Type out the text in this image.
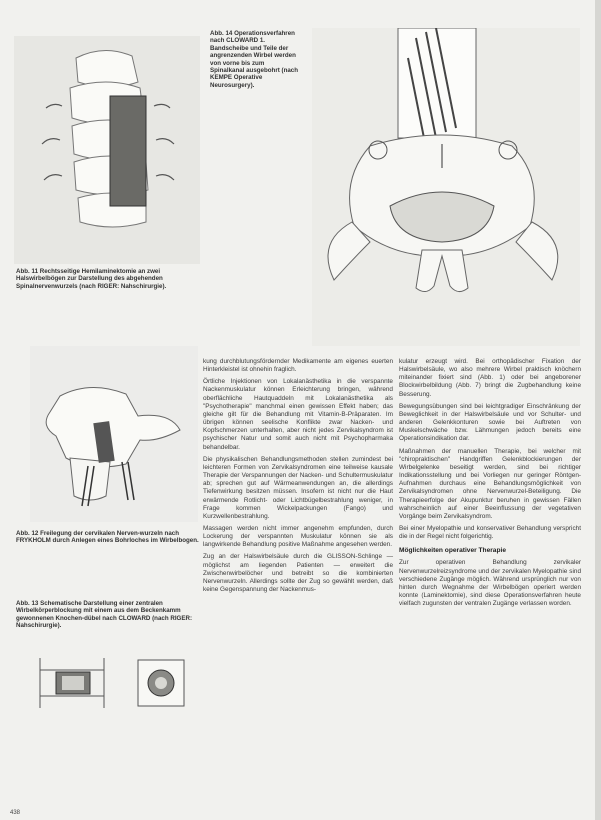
Abb. 11 Rechtsseitige Hemilaminektomie an zwei Halswirbelbögen zur Darstellung des abgehenden Spinalnervenwurzels (nach RIGER: Nahschirurgie).
Abb. 14 Operationsverfahren nach CLOWARD 1. Bandscheibe und Teile der angrenzenden Wirbel werden von vorne bis zum Spinalkanal ausgebohrt (nach KEMPE Operative Neurosurgery).
Abb. 12 Freilegung der cervikalen Nerven-wurzeln nach FRYKHOLM durch Anlegen eines Bohrloches im Wirbelbogen.
Abb. 13 Schematische Darstellung einer zentralen Wirbelkörperblockung mit einem aus dem Beckenkamm gewonnenen Knochen-dübel nach CLOWARD (nach RIGER: Nahschirurgie).

kung durchblutungsfördernder Medikamente am eigenes euerten Hinterkleistel ist ohnehin fraglich.

Örtliche Injektionen von Lokalanästhetika in die verspannte Nackenmuskulatur können Erleichterung bringen, während oberflächliche Hautquaddeln mit Lokalanästhetika als "Psychotherapie" manchmal einen gewissen Effekt haben; das gleiche gilt für die Behandlung mit Vitamin-B-Präparaten. Im übrigen können seelische Konflikte zwar Nacken- und Kopfschmerzen unterhalten, aber nicht jedes Zervikalsyndrom ist psychischer Natur und somit auch nicht mit Psychopharmaka behandelbar.

Die physikalischen Behandlungsmethoden stellen zumindest bei leichteren Formen von Zervikalsyndromen eine teilweise kausale Therapie der Verspannungen der Nacken- und Schultermuskulatur ab; sprechen gut auf Wärmeanwendungen an, die allerdings Tiefenwirkung besitzen müssen. Insofern ist nicht nur die Haut erwärmende Rotlicht- oder Lichtbügelbestrahlung weniger, in Frage kommen Wickelpackungen (Fango) und Kurzwellenbestrahlung.

Massagen werden nicht immer angenehm empfunden, durch Lockerung der verspannten Muskulatur können sie als langwirkende Behandlung positive Maßnahme angesehen werden.

Zug an der Halswirbelsäule durch die GLISSON-Schlinge — möglichst am liegenden Patienten — erweitert die Zwischenwirbelöcher und betreibt so die kombinierten Nervenwurzeln. Allerdings sollte der Zug so gewählt werden, daß keine Gegenspannung der Nackenmus-

kulatur erzeugt wird. Bei orthopädischer Fixation der Halswirbelsäule, wo also mehrere Wirbel praktisch knöchern miteinander fixiert sind (Abb. 1) oder bei angeborener Blockwirbelbildung (Abb. 7) bringt die Zugbehandlung keine Besserung.

Bewegungsübungen sind bei leichtgradiger Einschränkung der Beweglichkeit in der Halswirbelsäule und vor Schulter- und anderen Gelenkkonturen sowie bei Auftreten von Muskelschwäche bzw. Lähmungen jedoch bereits eine Operationsindikation dar.

Maßnahmen der manuellen Therapie, bei welcher mit "chiropraktischen" Handgriffen Gelenkblockierungen der Wirbelgelenke beseitigt werden, sind bei richtiger Indikationsstellung und bei Vorliegen nur geringer Röntgen-Aufnahmen durchaus eine Behandlungsmöglichkeit von Zervikalsyndromen ohne Nervenwurzel-Beteiligung. Die Therapieerfolge der Akupunktur beruhen in gewissen Fällen wahrscheinlich auf einer Beeinflussung der vegetativen Vorgänge beim Zervikalsyndrom.

Bei einer Myelopathie und konservativer Behandlung verspricht die in der Regel nicht folgerichtig.

Möglichkeiten operativer Therapie

Zur operativen Behandlung zervikaler Nervenwurzelreizsyndrome und der zervikalen Myelopathie sind verschiedene Zugänge möglich. Während ursprünglich nur von hinten durch Wegnahme der Wirbelbögen operiert werden konnte (Laminektomie), sind diese Operationsverfahren heute vielfach zugunsten der ventralen Zugänge verlassen worden.

438
